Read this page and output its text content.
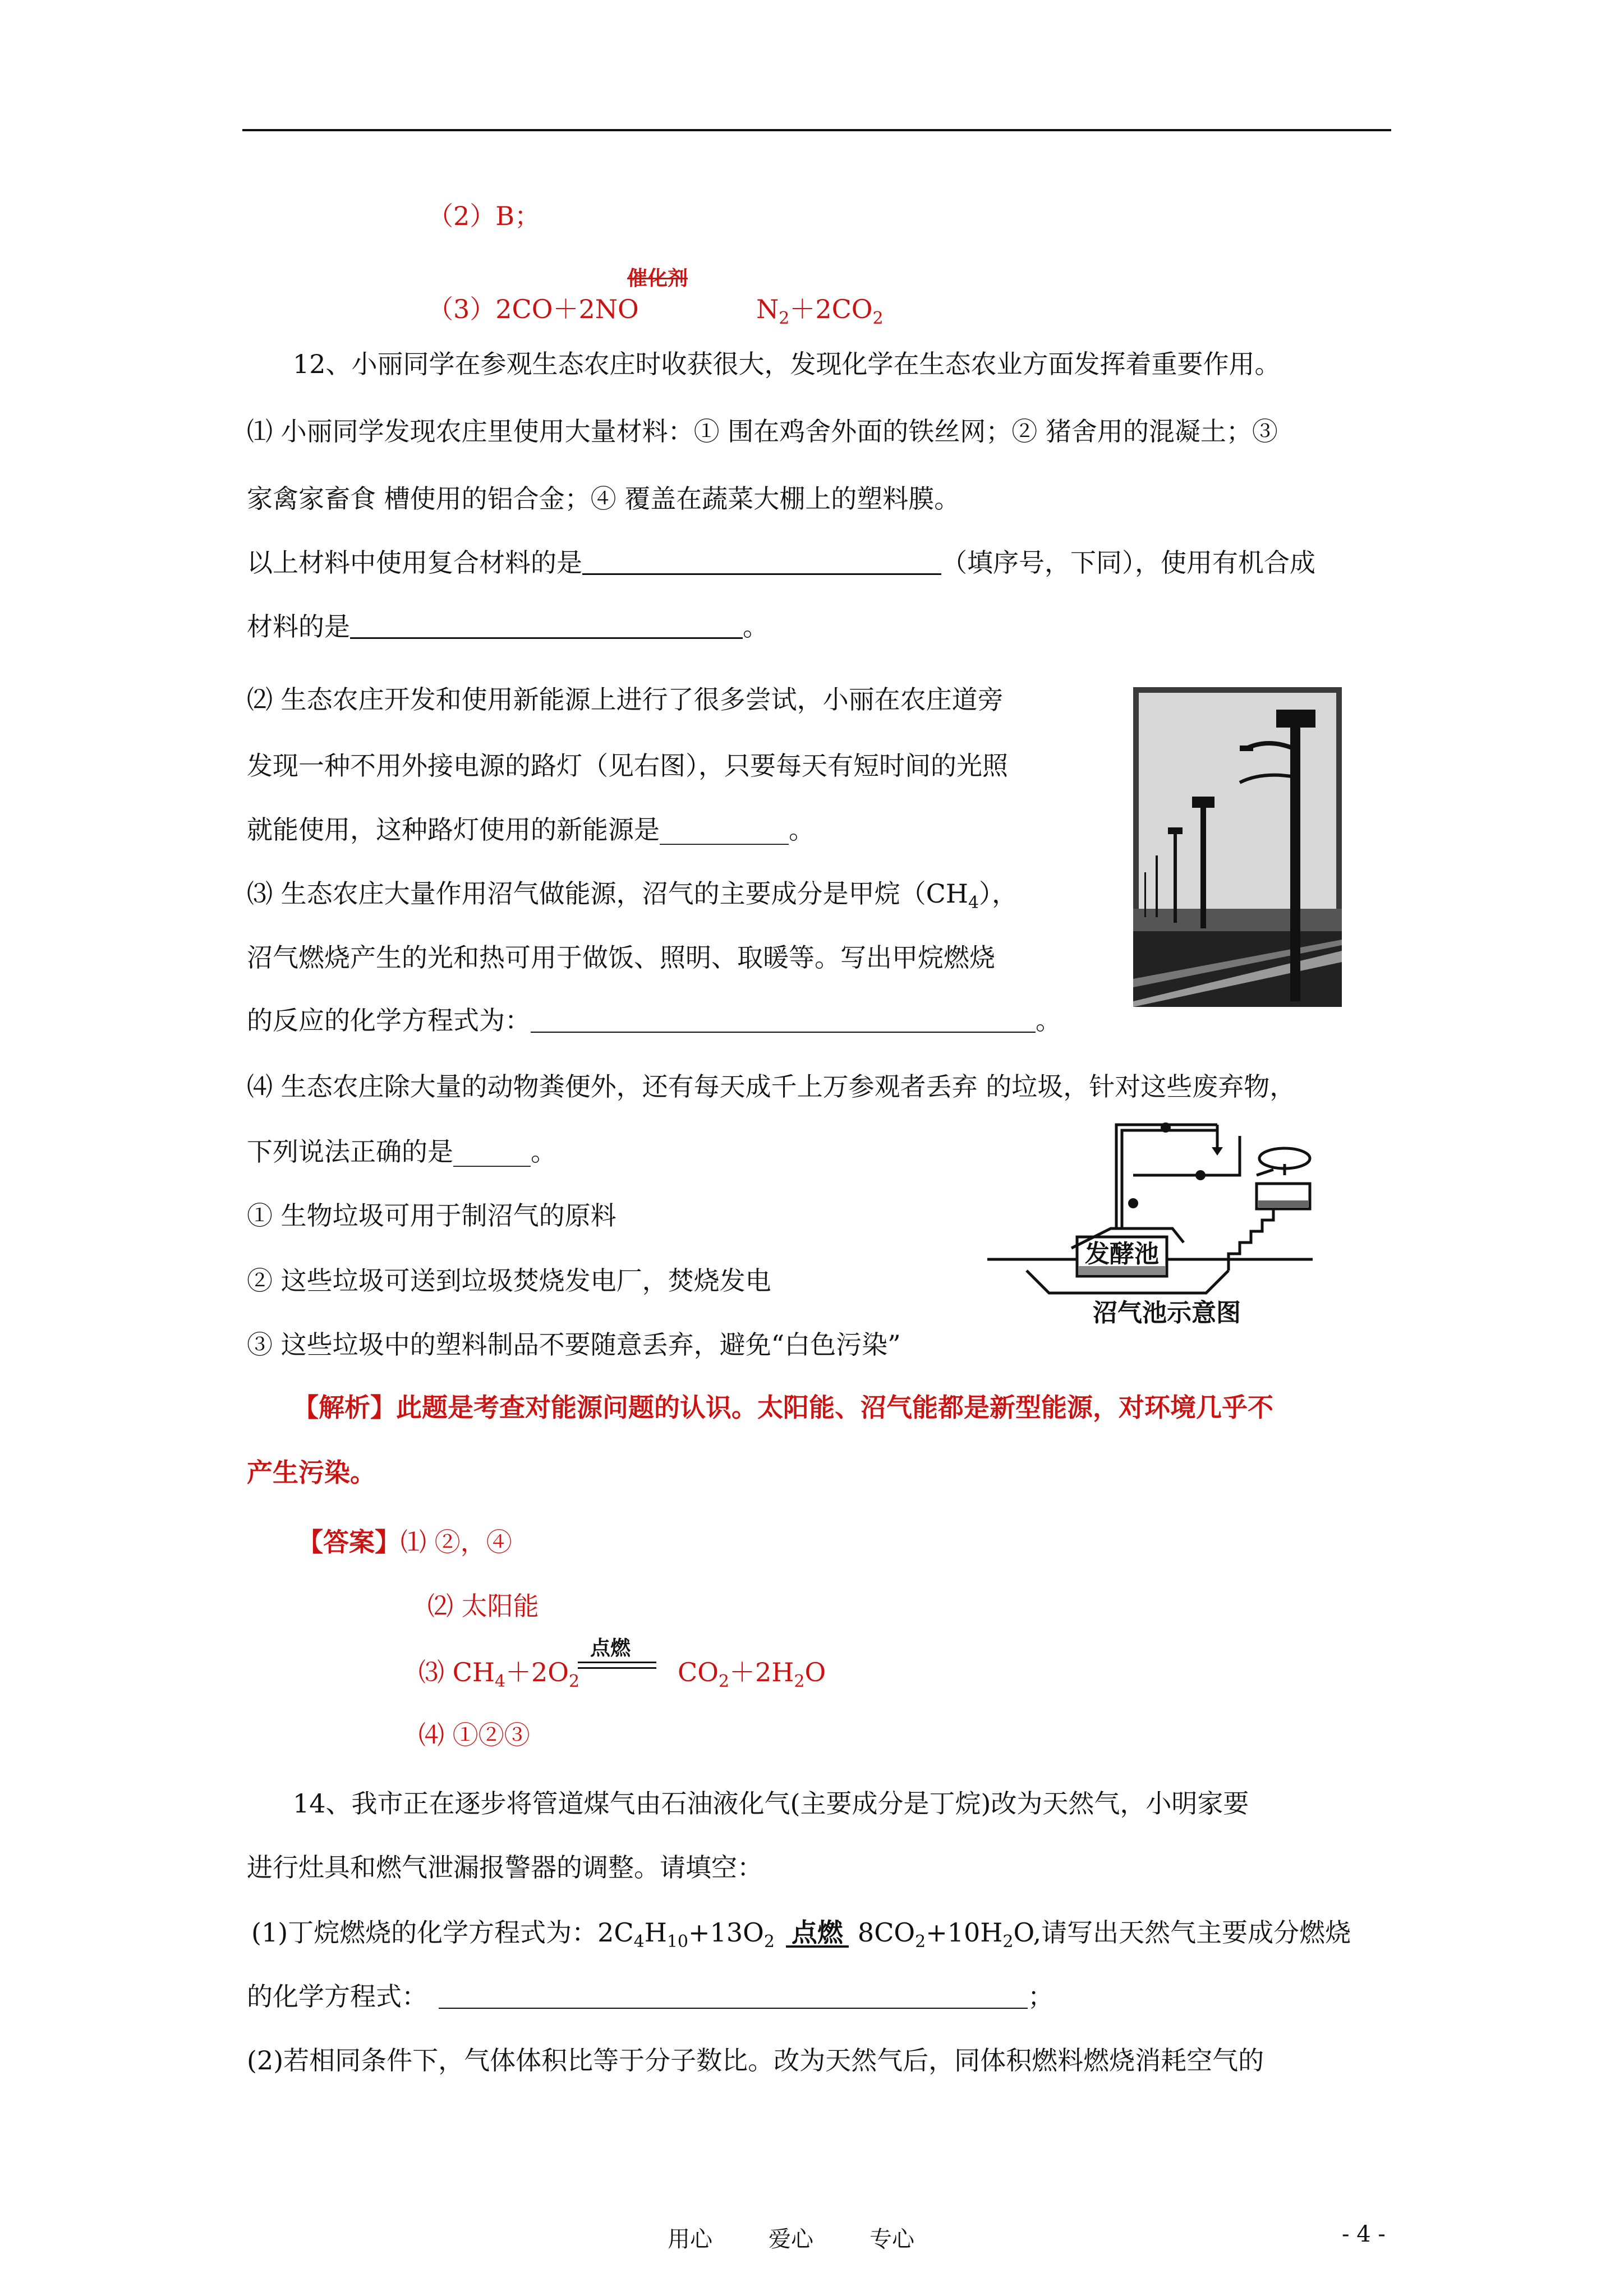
（2）B；
催化剂
（3）2CO＋2NO	$N_2+2CO_2$
12、小丽同学在参观生态农庄时收获很大，发现化学在生态农业方面发挥着重要作用。
⑴ 小丽同学发现农庄里使用大量材料：① 围在鸡舍外面的铁丝网；② 猪舍用的混凝土；③
家禽家畜食 槽使用的铝合金；④ 覆盖在蔬菜大棚上的塑料膜。
以上材料中使用复合材料的是	（填序号，下同），使用有机合成
材料的是	。
⑵ 生态农庄开发和使用新能源上进行了很多尝试，小丽在农庄道旁
发现一种不用外接电源的路灯（见右图），只要每天有短时间的光照
就能使用，这种路灯使用的新能源是__________。
⑶ 生态农庄大量作用沼气做能源，沼气的主要成分是甲烷$(CH_4)$，
沼气燃烧产生的光和热可用于做饭、照明、取暖等。写出甲烷燃烧
的反应的化学方程式为：	。
⑷ 生态农庄除大量的动物粪便外，还有每天成千上万参观者丢弃 的垃圾，针对这些废弃物，
下列说法正确的是______。
① 生物垃圾可用于制沼气的原料
② 这些垃圾可送到垃圾焚烧发电厂，焚烧发电
③ 这些垃圾中的塑料制品不要随意丢弃，避免“白色污染”
发酵池
沼气池示意图
【解析】此题是考查对能源问题的认识。太阳能、沼气能都是新型能源，对环境几乎不
产生污染。
【答案】⑴ ②，④
⑵ 太阳能
点燃
⑶ $CH_4+2O_2$	$CO_2+2H_2O$
⑷ ①②③
14、我市正在逐步将管道煤气由石油液化气(主要成分是丁烷)改为天然气，小明家要
进行灶具和燃气泄漏报警器的调整。请填空：
(1)丁烷燃烧的化学方程式为：$2C_4H_{10}+13O_2$ 点燃 $8CO_2+10H_2O$,请写出天然气主要成分燃烧
的化学方程式：	；
(2)若相同条件下，气体体积比等于分子数比。改为天然气后，同体积燃料燃烧消耗空气的
用心	爱心	专心	- 4 -
